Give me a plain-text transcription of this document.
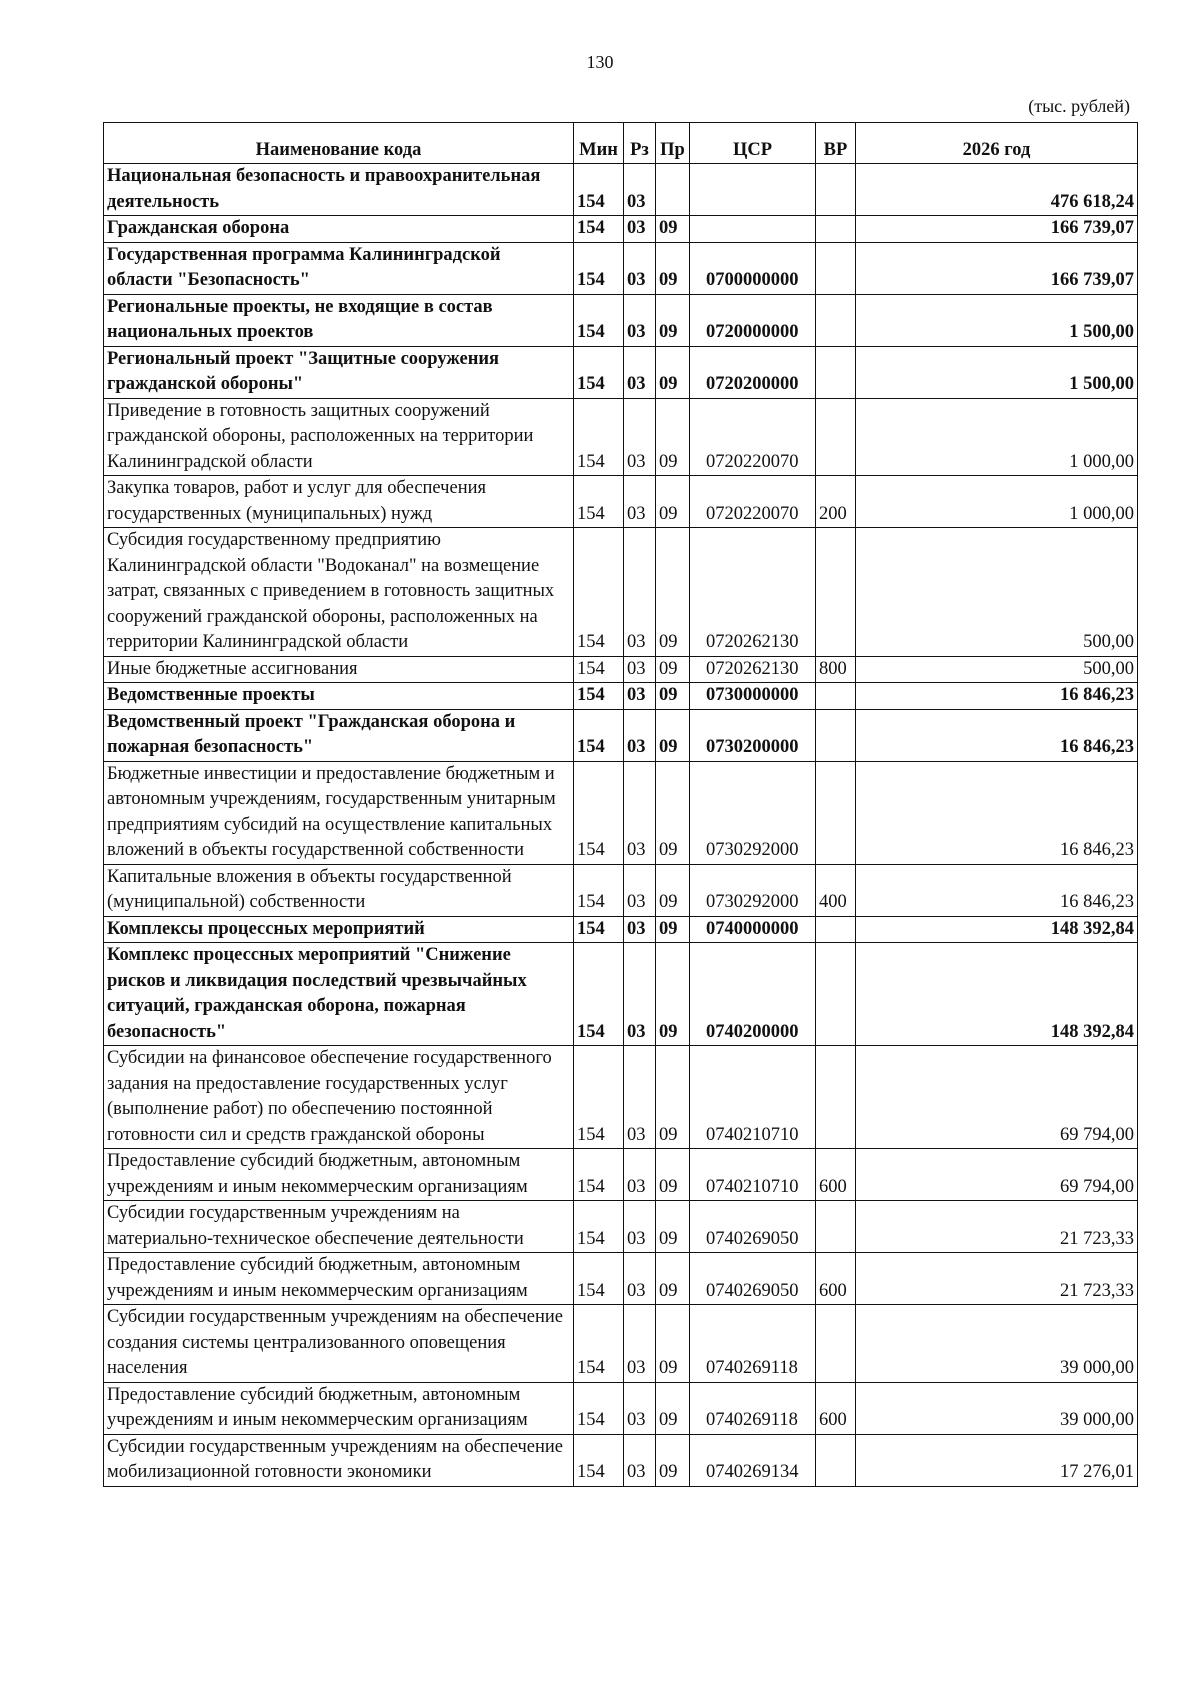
130
(тыс. рублей)
Наименование кода	Мин	Рз	Пр	ЦСР	ВР	2026 год
Национальная безопасность и правоохранительная деятельность	154	03				476 618,24
Гражданская оборона	154	03	09			166 739,07
Государственная программа Калининградской области "Безопасность"	154	03	09	0700000000		166 739,07
Региональные проекты, не входящие в состав национальных проектов	154	03	09	0720000000		1 500,00
Региональный проект "Защитные сооружения гражданской обороны"	154	03	09	0720200000		1 500,00
Приведение в готовность защитных сооружений гражданской обороны, расположенных на территории Калининградской области	154	03	09	0720220070		1 000,00
Закупка товаров, работ и услуг для обеспечения государственных (муниципальных) нужд	154	03	09	0720220070	200	1 000,00
Субсидия государственному предприятию Калининградской области "Водоканал" на возмещение затрат, связанных с приведением в готовность защитных сооружений гражданской обороны, расположенных на территории Калининградской области	154	03	09	0720262130		500,00
Иные бюджетные ассигнования	154	03	09	0720262130	800	500,00
Ведомственные проекты	154	03	09	0730000000		16 846,23
Ведомственный проект "Гражданская оборона и пожарная безопасность"	154	03	09	0730200000		16 846,23
Бюджетные инвестиции и предоставление бюджетным и автономным учреждениям, государственным унитарным предприятиям субсидий на осуществление капитальных вложений в объекты государственной собственности	154	03	09	0730292000		16 846,23
Капитальные вложения в объекты государственной (муниципальной) собственности	154	03	09	0730292000	400	16 846,23
Комплексы процессных мероприятий	154	03	09	0740000000		148 392,84
Комплекс процессных мероприятий "Снижение рисков и ликвидация последствий чрезвычайных ситуаций, гражданская оборона, пожарная безопасность"	154	03	09	0740200000		148 392,84
Субсидии на финансовое обеспечение государственного задания на предоставление государственных услуг (выполнение работ) по обеспечению постоянной готовности сил и средств гражданской обороны	154	03	09	0740210710		69 794,00
Предоставление субсидий бюджетным, автономным учреждениям и иным некоммерческим организациям	154	03	09	0740210710	600	69 794,00
Субсидии государственным учреждениям на материально-техническое обеспечение деятельности	154	03	09	0740269050		21 723,33
Предоставление субсидий бюджетным, автономным учреждениям и иным некоммерческим организациям	154	03	09	0740269050	600	21 723,33
Субсидии государственным учреждениям на обеспечение создания системы централизованного оповещения населения	154	03	09	0740269118		39 000,00
Предоставление субсидий бюджетным, автономным учреждениям и иным некоммерческим организациям	154	03	09	0740269118	600	39 000,00
Субсидии государственным учреждениям на обеспечение мобилизационной готовности экономики	154	03	09	0740269134		17 276,01
